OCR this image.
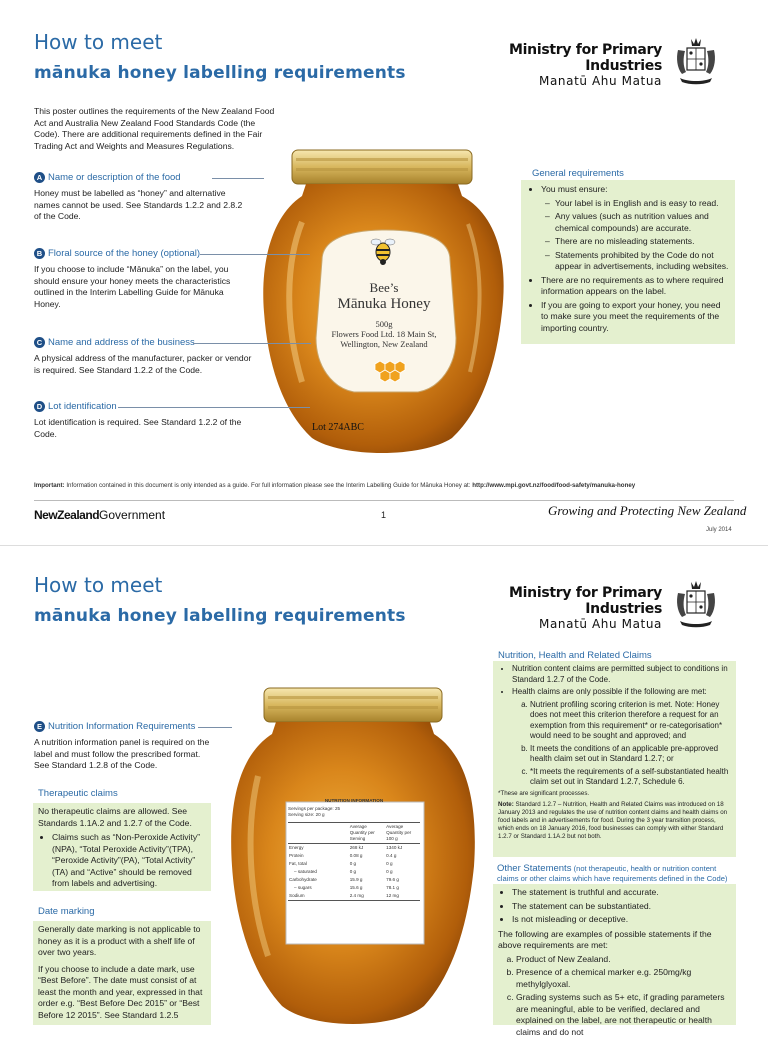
How to meet
mānuka honey labelling requirements
Ministry for Primary Industries
Manatū Ahu Matua
This poster outlines the requirements of the New Zealand Food Act and Australia New Zealand Food Standards Code (the Code). There are additional requirements defined in the Fair Trading Act and Weights and Measures Regulations.
Bee’s
Mānuka Honey
500g
Flowers Food Ltd. 18 Main St,
Wellington, New Zealand
Lot 274ABC
A Name or description of the food
Honey must be labelled as “honey” and alternative names cannot be used. See Standards 1.2.2 and 2.8.2 of the Code.
B Floral source of the honey (optional)
If you choose to include “Mānuka” on the label, you should ensure your honey meets the characteristics outlined in the Interim Labelling Guide for Mānuka Honey.
C Name and address of the business
A physical address of the manufacturer, packer or vendor is required. See Standard 1.2.2 of the Code.
D Lot identification
Lot identification is required. See Standard 1.2.2 of the Code.
General requirements
• You must ensure:
– Your label is in English and is easy to read.
– Any values (such as nutrition values and chemical compounds) are accurate.
– There are no misleading statements.
– Statements prohibited by the Code do not appear in advertisements, including websites.
• There are no requirements as to where required information appears on the label.
• If you are going to export your honey, you need to make sure you meet the requirements of the importing country.
Important: Information contained in this document is only intended as a guide. For full information please see the Interim Labelling Guide for Mānuka Honey at: http://www.mpi.govt.nz/food/food-safety/manuka-honey
NewZealandGovernment	1	Growing and Protecting New Zealand
July 2014
How to meet
mānuka honey labelling requirements
Ministry for Primary Industries
Manatū Ahu Matua
NUTRITION INFORMATION
Servings per package: 25
Serving size: 20 g
	Average Quantity per Serving	Average Quantity per 100 g
Energy	268 kJ	1340 kJ
Protein	0.08 g	0.4 g
Fat, total	0 g	0 g
– saturated	0 g	0 g
Carbohydrate	15.9 g	79.6 g
– sugars	15.6 g	78.1 g
Sodium	2.4 mg	12 mg
E Nutrition Information Requirements
A nutrition information panel is required on the label and must follow the prescribed format. See Standard 1.2.8 of the Code.
Therapeutic claims
No therapeutic claims are allowed. See Standards 1.1A.2 and 1.2.7 of the Code.
• Claims such as “Non-Peroxide Activity” (NPA), “Total Peroxide Activity”(TPA), “Peroxide Activity”(PA), “Total Activity” (TA) and “Active” should be removed from labels and advertising.
Date marking
Generally date marking is not applicable to honey as it is a product with a shelf life of over two years.
If you choose to include a date mark, use “Best Before”. The date must consist of at least the month and year, expressed in that order e.g. “Best Before Dec 2015” or “Best Before 12 2015”. See Standard 1.2.5
Nutrition, Health and Related Claims
• Nutrition content claims are permitted subject to conditions in Standard 1.2.7 of the Code.
• Health claims are only possible if the following are met:
a. Nutrient profiling scoring criterion is met. Note: Honey does not meet this criterion therefore a request for an exemption from this requirement* or re-categorisation* would need to be sought and approved; and
b. It meets the conditions of an applicable pre-approved health claim set out in Standard 1.2.7; or
c. *It meets the requirements of a self-substantiated health claim set out in Standard 1.2.7, Schedule 6.
*These are significant processes.
Note: Standard 1.2.7 – Nutrition, Health and Related Claims was introduced on 18 January 2013 and regulates the use of nutrition content claims and health claims on food labels and in advertisements for food. During the 3 year transition process, which ends on 18 January 2016, food businesses can comply with either Standard 1.2.7 or Standard 1.1A.2 but not both.
Other Statements (not therapeutic, health or nutrition content claims or other claims which have requirements defined in the Code)
• The statement is truthful and accurate.
• The statement can be substantiated.
• Is not misleading or deceptive.
The following are examples of possible statements if the above requirements are met:
a. Product of New Zealand.
b. Presence of a chemical marker e.g. 250mg/kg methylglyoxal.
c. Grading systems such as 5+ etc, if grading parameters are meaningful, able to be verified, declared and explained on the label, are not therapeutic or health claims and do not
